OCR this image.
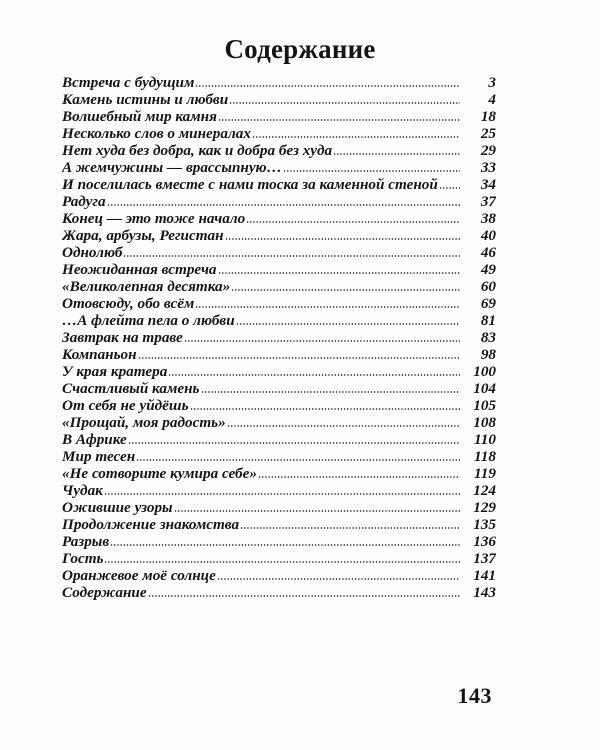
Содержание
Встреча с будущим	3
Камень истины и любви	4
Волшебный мир камня	18
Несколько слов о минералах	25
Нет худа без добра, как и добра без худа	29
А жемчужины — врассыпную…	33
И поселилась вместе с нами тоска за каменной стеной	34
Радуга	37
Конец — это тоже начало	38
Жара, арбузы, Регистан	40
Однолюб	46
Неожиданная встреча	49
«Великолепная десятка»	60
Отовсюду, обо всём	69
…А флейта пела о любви	81
Завтрак на траве	83
Компаньон	98
У края кратера	100
Счастливый камень	104
От себя не уйдёшь	105
«Прощай, моя радость»	108
В Африке	110
Мир тесен	118
«Не сотворите кумира себе»	119
Чудак	124
Ожившие узоры	129
Продолжение знакомства	135
Разрыв	136
Гость	137
Оранжевое моё солнце	141
Содержание	143
143
